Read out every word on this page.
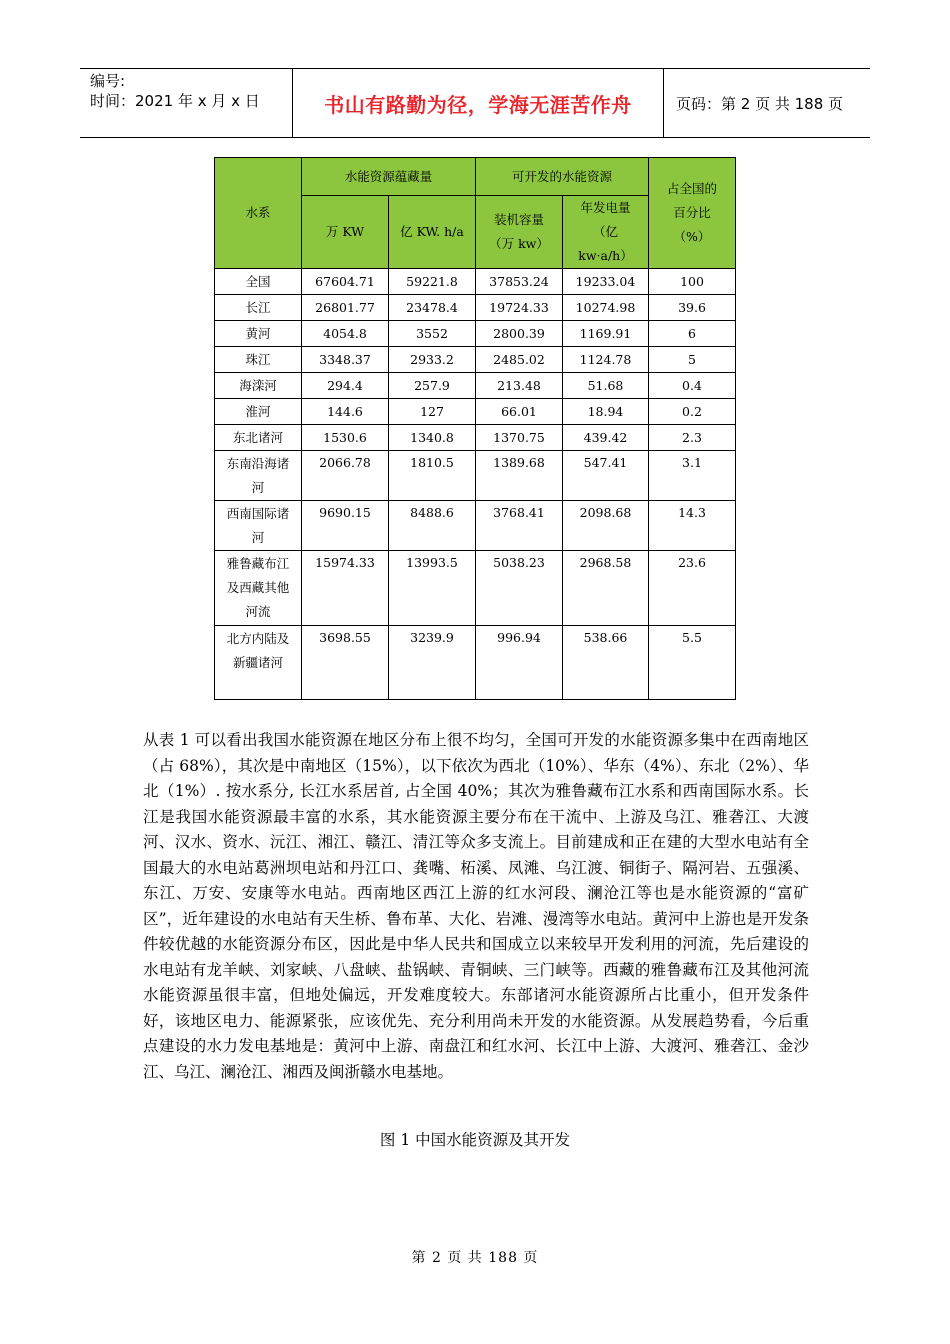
编号:
时间：2021 年 x 月 x 日	书山有路勤为径，学海无涯苦作舟	页码：第 2 页 共 188 页
水系	水能资源蕴藏量		可开发的水能资源		占全国的百分比（%）
	万 KW	亿 KW. h/a	装机容量（万 kw）	年发电量（亿 kw·a/h）	
全国	67604.71	59221.8	37853.24	19233.04	100
长江	26801.77	23478.4	19724.33	10274.98	39.6
黄河	4054.8	3552	2800.39	1169.91	6
珠江	3348.37	2933.2	2485.02	1124.78	5
海滦河	294.4	257.9	213.48	51.68	0.4
淮河	144.6	127	66.01	18.94	0.2
东北诸河	1530.6	1340.8	1370.75	439.42	2.3
东南沿海诸河	2066.78	1810.5	1389.68	547.41	3.1
西南国际诸河	9690.15	8488.6	3768.41	2098.68	14.3
雅鲁藏布江及西藏其他河流	15974.33	13993.5	5038.23	2968.58	23.6
北方内陆及新疆诸河	3698.55	3239.9	996.94	538.66	5.5

从表 1 可以看出我国水能资源在地区分布上很不均匀，全国可开发的水能资源多集中在西南地区（占 68%），其次是中南地区（15%），以下依次为西北（10%）、华东（4%）、东北（2%）、华北（1%）. 按水系分, 长江水系居首, 占全国 40%；其次为雅鲁藏布江水系和西南国际水系。长江是我国水能资源最丰富的水系，其水能资源主要分布在干流中、上游及乌江、雅砻江、大渡河、汉水、资水、沅江、湘江、赣江、清江等众多支流上。目前建成和正在建的大型水电站有全国最大的水电站葛洲坝电站和丹江口、龚嘴、柘溪、凤滩、乌江渡、铜街子、隔河岩、五强溪、东江、万安、安康等水电站。西南地区西江上游的红水河段、澜沧江等也是水能资源的“富矿区”，近年建设的水电站有天生桥、鲁布革、大化、岩滩、漫湾等水电站。黄河中上游也是开发条件较优越的水能资源分布区，因此是中华人民共和国成立以来较早开发利用的河流，先后建设的水电站有龙羊峡、刘家峡、八盘峡、盐锅峡、青铜峡、三门峡等。西藏的雅鲁藏布江及其他河流水能资源虽很丰富，但地处偏远，开发难度较大。东部诸河水能资源所占比重小，但开发条件好，该地区电力、能源紧张，应该优先、充分利用尚未开发的水能资源。从发展趋势看，今后重点建设的水力发电基地是：黄河中上游、南盘江和红水河、长江中上游、大渡河、雅砻江、金沙江、乌江、澜沧江、湘西及闽浙赣水电基地。

图 1 中国水能资源及其开发
第 2 页 共 188 页
